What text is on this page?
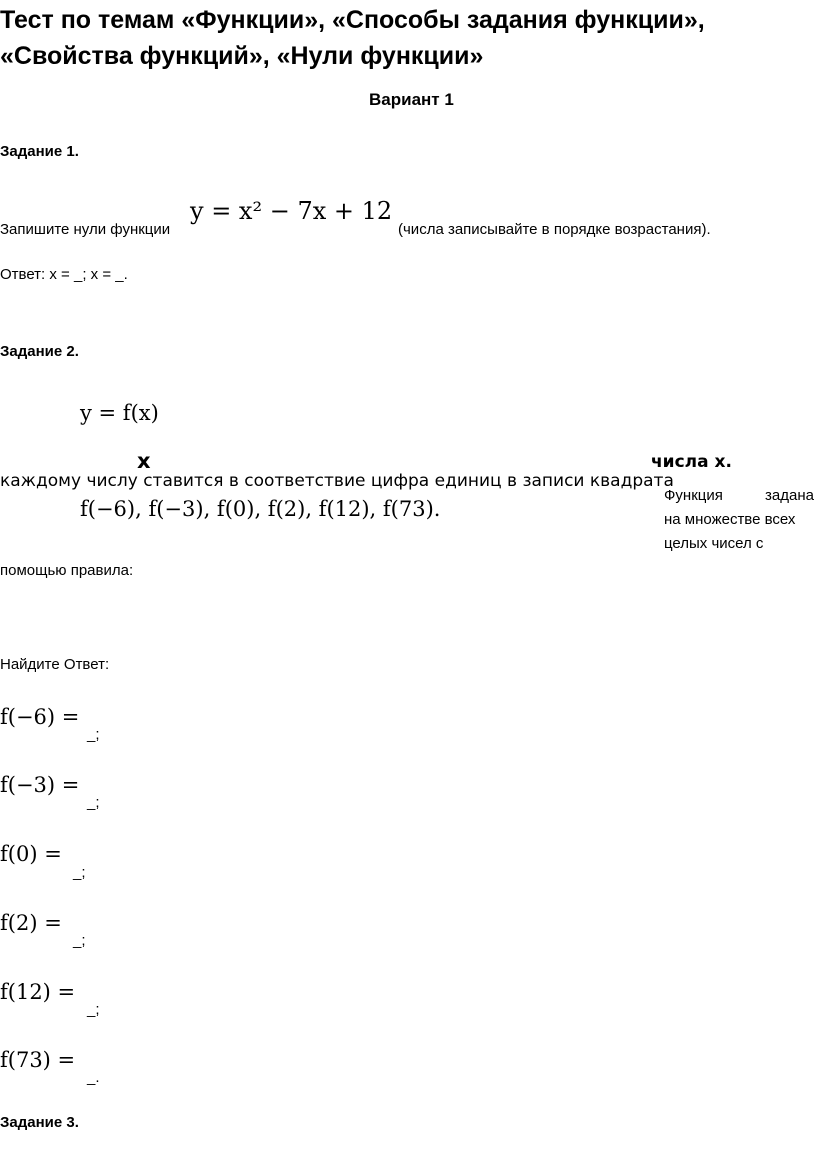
Тест по темам «Функции», «Способы задания функции»,
«Свойства функций», «Нули функции»
Вариант 1
Задание 1.
Запишите нули функции
y = x² − 7x + 12
(числа записывайте в порядке возрастания).
Ответ: x = _; x = _.
Задание 2.
y = f(x)
x	числа x.
каждому числу ставится в соответствие цифра единиц в записи квадрата
f(−6), f(−3), f(0), f(2), f(12), f(73).
Функция	задана
на множестве всех
целых чисел с
помощью правила:
Найдите Ответ:
f(−6) =
_;
f(−3) =
_;
f(0) =
_;
f(2) =
_;
f(12) =
_;
f(73) =
_.
Задание 3.
